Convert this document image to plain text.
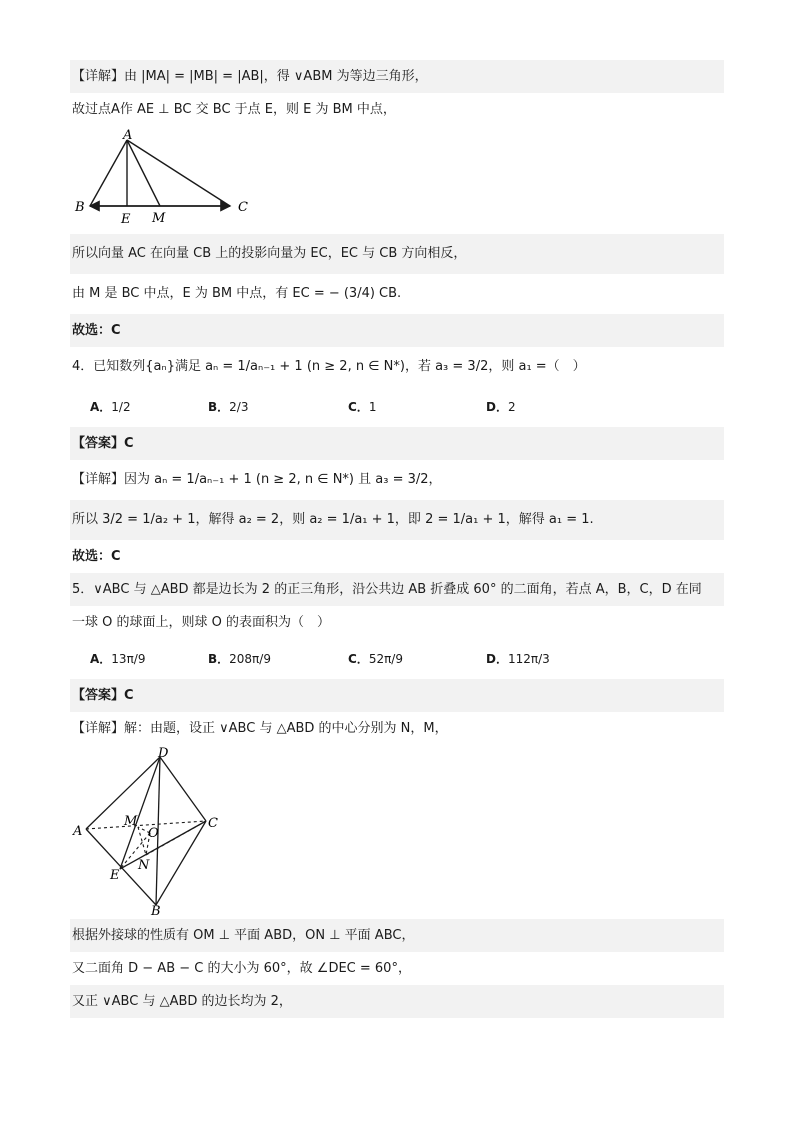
【详解】由 |MA| = |MB| = |AB|，得 ∨ABM 为等边三角形，
故过点A作 AE ⊥ BC 交 BC 于点 E，则 E 为 BM 中点，
A
B	C
E M
所以向量 AC 在向量 CB 上的投影向量为 EC，EC 与 CB 方向相反，
由 M 是 BC 中点，E 为 BM 中点，有 EC = − (3/4) CB.
故选：C
4．已知数列{aₙ}满足 aₙ = 1/aₙ₋₁ + 1 (n ≥ 2, n ∈ N*)，若 a₃ = 3/2，则 a₁ =（　）
A．1/2	B．2/3	C．1	D．2
【答案】C
【详解】因为 aₙ = 1/aₙ₋₁ + 1 (n ≥ 2, n ∈ N*) 且 a₃ = 3/2，
所以 3/2 = 1/a₂ + 1，解得 a₂ = 2，则 a₂ = 1/a₁ + 1，即 2 = 1/a₁ + 1，解得 a₁ = 1.
故选：C
5．∨ABC 与 △ABD 都是边长为 2 的正三角形，沿公共边 AB 折叠成 60° 的二面角，若点 A，B，C，D 在同
一球 O 的球面上，则球 O 的表面积为（　）
A．13π/9	B．208π/9	C．52π/9	D．112π/3
【答案】C
【详解】解：由题，设正 ∨ABC 与 △ABD 的中心分别为 N，M，
D
A
C
M
O
E
N
B
根据外接球的性质有 OM ⊥ 平面 ABD，ON ⊥ 平面 ABC，
又二面角 D − AB − C 的大小为 60°，故 ∠DEC = 60°，
又正 ∨ABC 与 △ABD 的边长均为 2，
